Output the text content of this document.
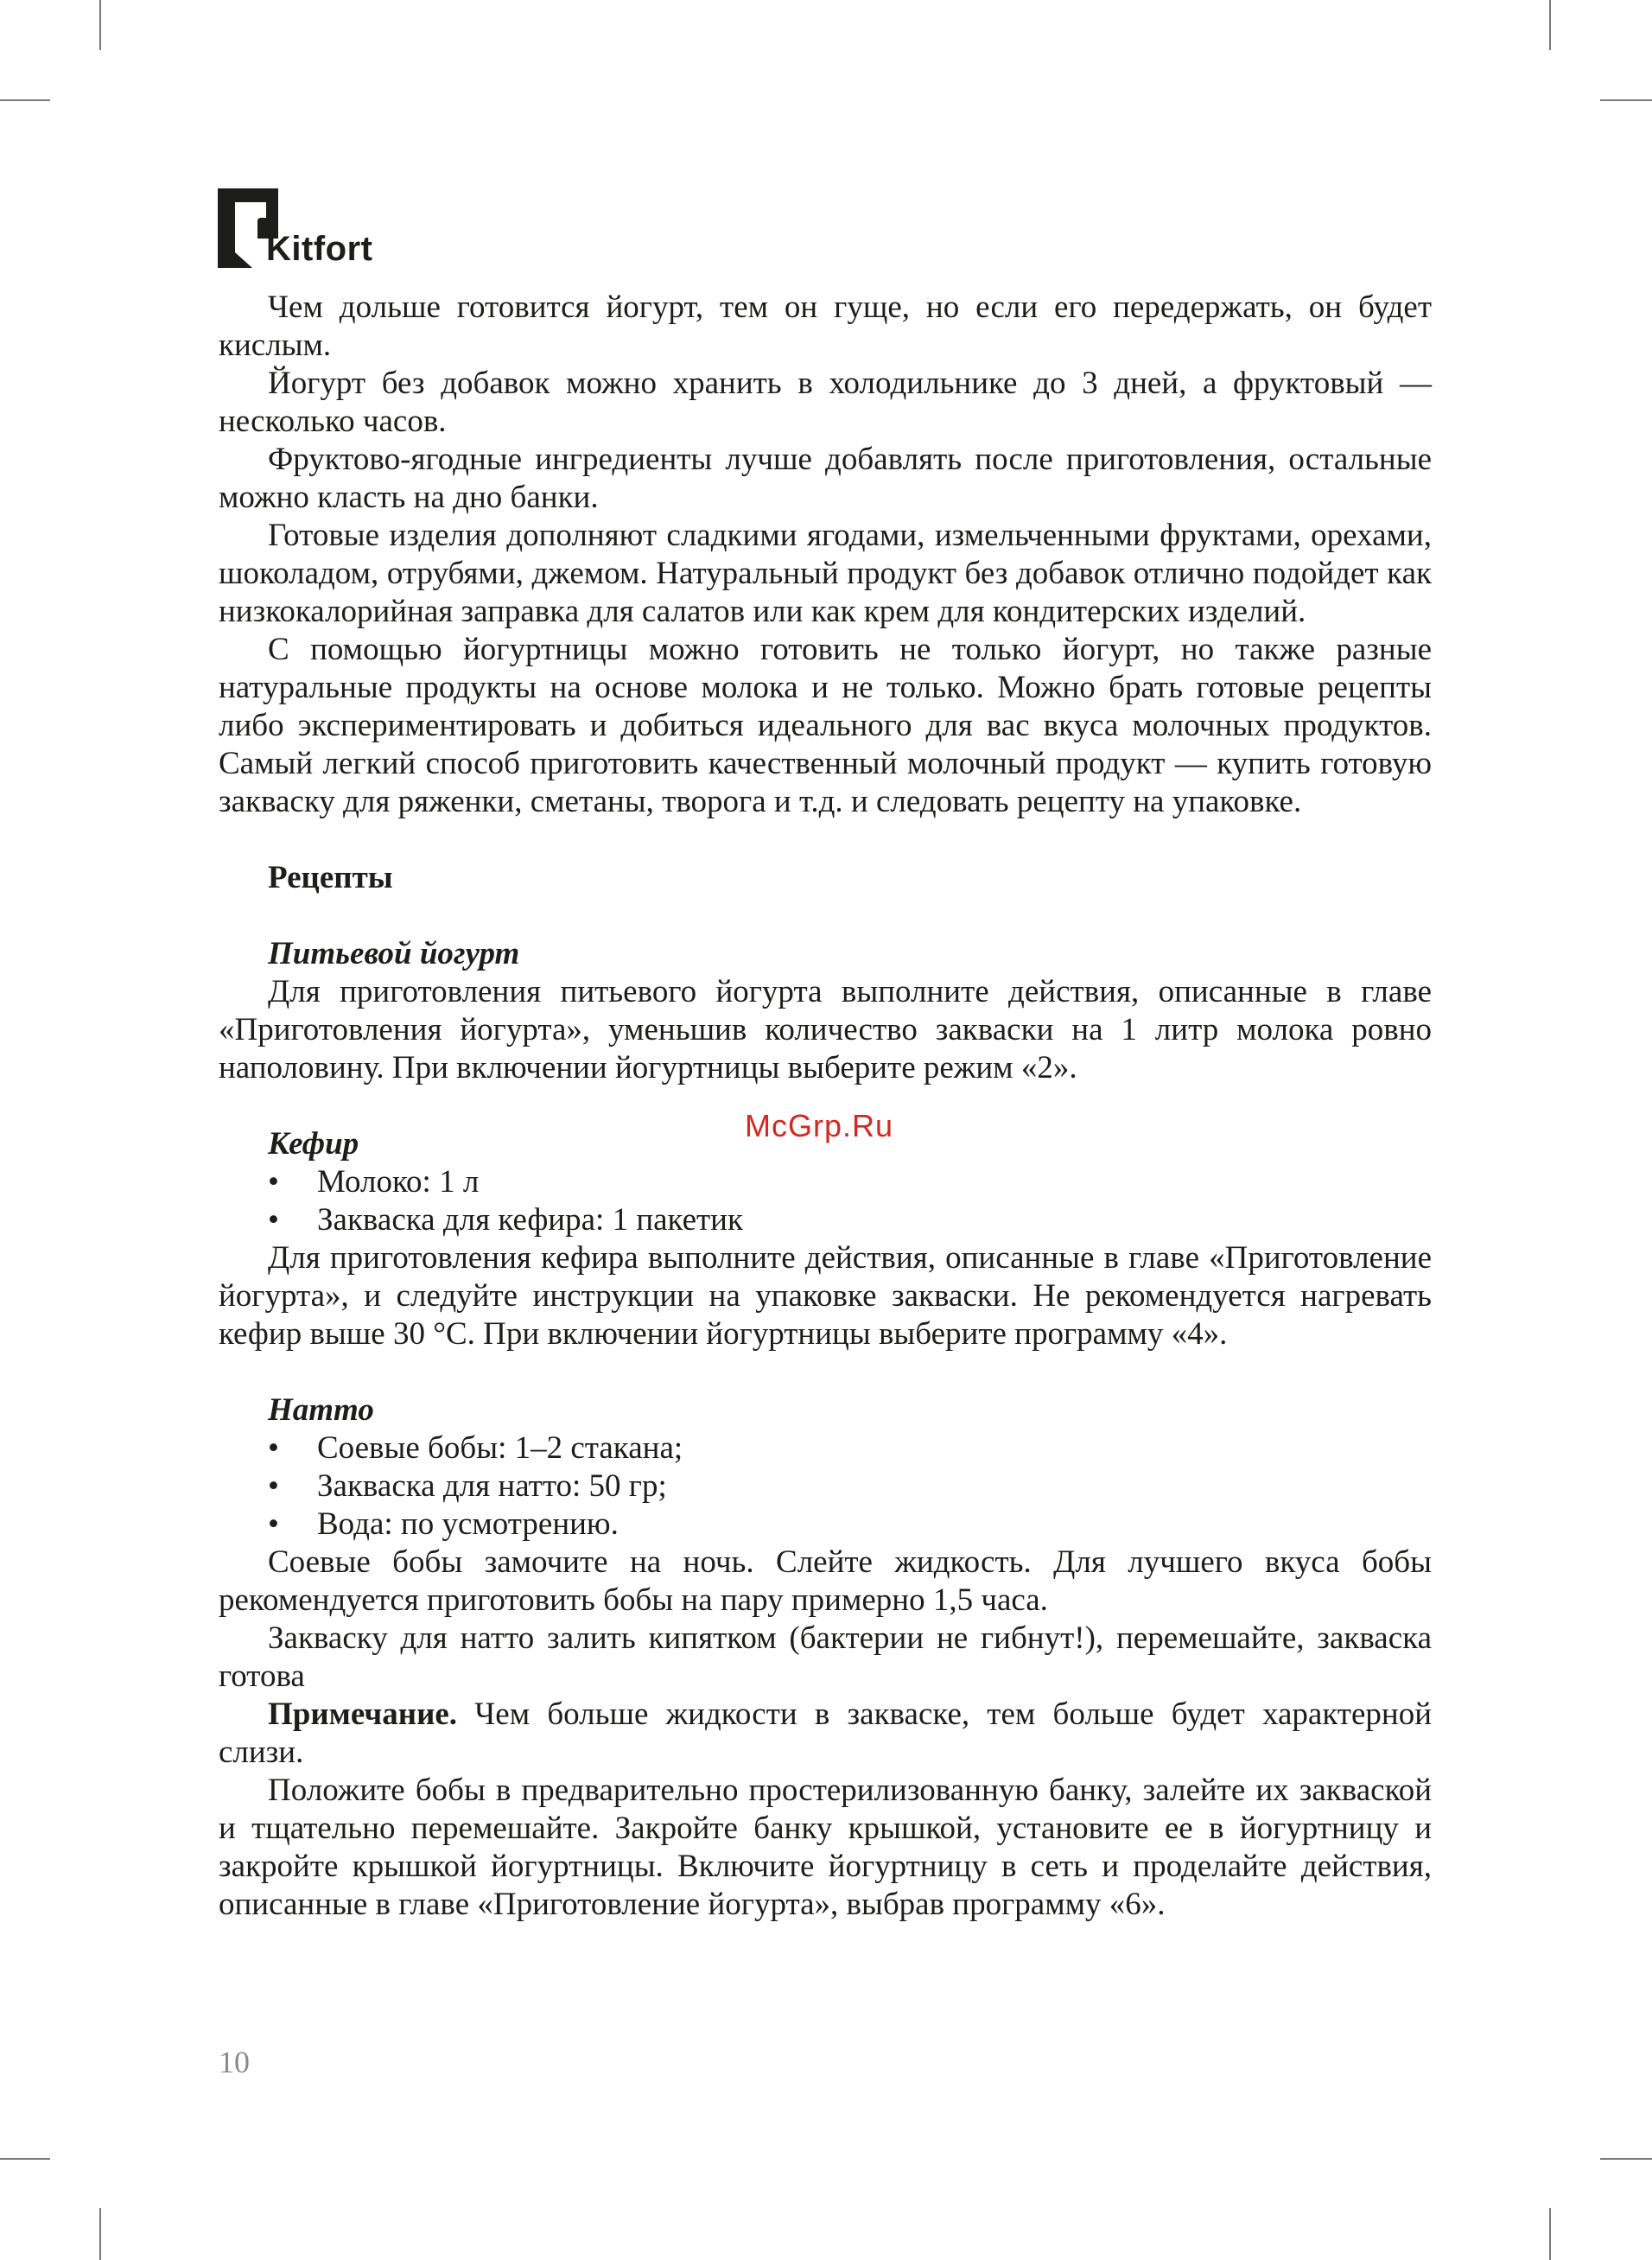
Kitfort

Чем дольше готовится йогурт, тем он гуще, но если его передержать, он будет кислым.

Йогурт без добавок можно хранить в холодильнике до 3 дней, а фруктовый — несколько часов.

Фруктово-ягодные ингредиенты лучше добавлять после приготовления, остальные можно класть на дно банки.

Готовые изделия дополняют сладкими ягодами, измельченными фруктами, орехами, шоколадом, отрубями, джемом. Натуральный продукт без добавок отлично подойдет как низкокалорийная заправка для салатов или как крем для кондитерских изделий.

С помощью йогуртницы можно готовить не только йогурт, но также разные натуральные продукты на основе молока и не только. Можно брать готовые рецепты либо экспериментировать и добиться идеального для вас вкуса молочных продуктов. Самый легкий способ приготовить качественный молочный продукт — купить готовую закваску для ряженки, сметаны, творога и т.д. и следовать рецепту на упаковке.

Рецепты

Питьевой йогурт

Для приготовления питьевого йогурта выполните действия, описанные в главе «Приготовления йогурта», уменьшив количество закваски на 1 литр молока ровно наполовину. При включении йогуртницы выберите режим «2».

Кефир

• Молоко: 1 л

• Закваска для кефира: 1 пакетик

Для приготовления кефира выполните действия, описанные в главе «Приготовление йогурта», и следуйте инструкции на упаковке закваски. Не рекомендуется нагревать кефир выше 30 °С. При включении йогуртницы выберите программу «4».

Натто

• Соевые бобы: 1–2 стакана;

• Закваска для натто: 50 гр;

• Вода: по усмотрению.

Соевые бобы замочите на ночь. Слейте жидкость. Для лучшего вкуса бобы рекомендуется приготовить бобы на пару примерно 1,5 часа.

Закваску для натто залить кипятком (бактерии не гибнут!), перемешайте, закваска готова

Примечание. Чем больше жидкости в закваске, тем больше будет характерной слизи.

Положите бобы в предварительно простерилизованную банку, залейте их закваской и тщательно перемешайте. Закройте банку крышкой, установите ее в йогуртницу и закройте крышкой йогуртницы. Включите йогуртницу в сеть и проделайте действия, описанные в главе «Приготовление йогурта», выбрав программу «6».

McGrp.Ru
10
